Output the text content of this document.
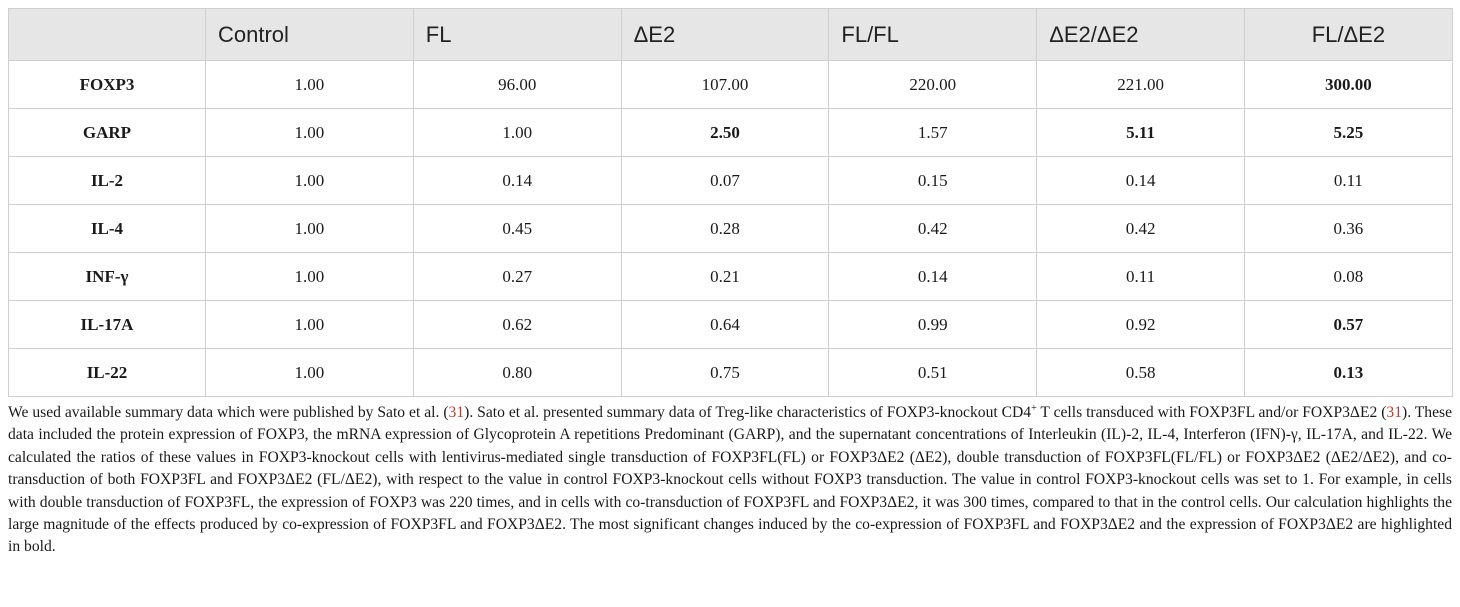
	Control	FL	ΔE2	FL/FL	ΔE2/ΔE2	FL/ΔE2
FOXP3	1.00	96.00	107.00	220.00	221.00	300.00
GARP	1.00	1.00	2.50	1.57	5.11	5.25
IL-2	1.00	0.14	0.07	0.15	0.14	0.11
IL-4	1.00	0.45	0.28	0.42	0.42	0.36
INF-γ	1.00	0.27	0.21	0.14	0.11	0.08
IL-17A	1.00	0.62	0.64	0.99	0.92	0.57
IL-22	1.00	0.80	0.75	0.51	0.58	0.13
We used available summary data which were published by Sato et al. (31). Sato et al. presented summary data of Treg-like characteristics of FOXP3-knockout CD4+ T cells transduced with FOXP3FL and/or FOXP3ΔE2 (31). These data included the protein expression of FOXP3, the mRNA expression of Glycoprotein A repetitions Predominant (GARP), and the supernatant concentrations of Interleukin (IL)-2, IL-4, Interferon (IFN)-γ, IL-17A, and IL-22. We calculated the ratios of these values in FOXP3-knockout cells with lentivirus-mediated single transduction of FOXP3FL(FL) or FOXP3ΔE2 (ΔE2), double transduction of FOXP3FL(FL/FL) or FOXP3ΔE2 (ΔE2/ΔE2), and co-transduction of both FOXP3FL and FOXP3ΔE2 (FL/ΔE2), with respect to the value in control FOXP3-knockout cells without FOXP3 transduction. The value in control FOXP3-knockout cells was set to 1. For example, in cells with double transduction of FOXP3FL, the expression of FOXP3 was 220 times, and in cells with co-transduction of FOXP3FL and FOXP3ΔE2, it was 300 times, compared to that in the control cells. Our calculation highlights the large magnitude of the effects produced by co-expression of FOXP3FL and FOXP3ΔE2. The most significant changes induced by the co-expression of FOXP3FL and FOXP3ΔE2 and the expression of FOXP3ΔE2 are highlighted in bold.
